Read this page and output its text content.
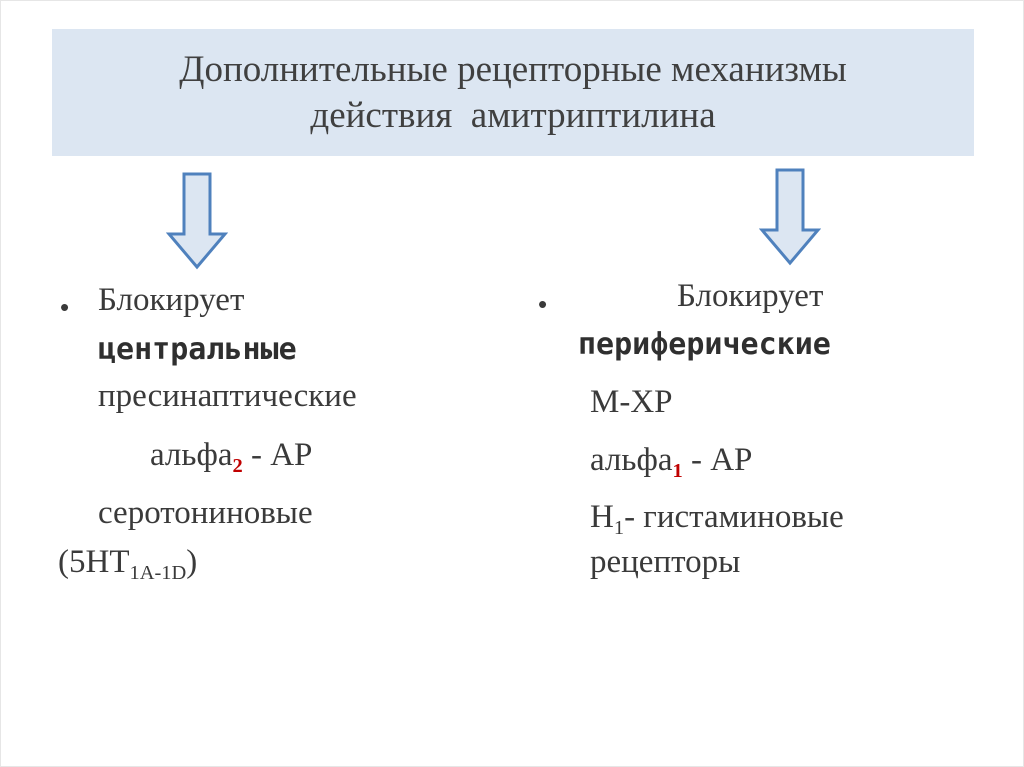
Дополнительные рецепторные механизмы
действия  амитриптилина
• Блокирует
центральные
пресинаптические
альфа$_2$ - АР
серотониновые
$(5НТ_{1А-1D})$
•	Блокирует
периферические
М-ХР
альфа$_1$ - АР
$Н_1-$ гистаминовые
рецепторы
